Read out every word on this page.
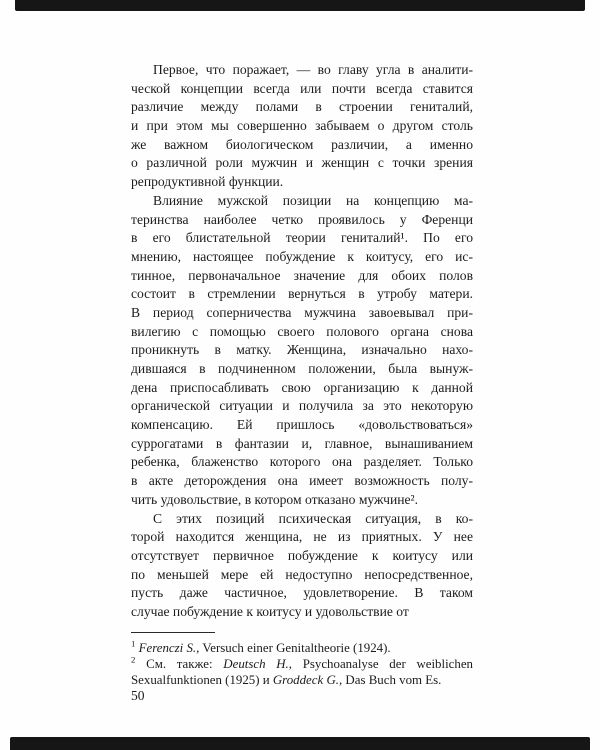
Первое, что поражает, — во главу угла в аналити-
ческой концепции всегда или почти всегда ставится
различие между полами в строении гениталий,
и при этом мы совершенно забываем о другом столь
же важном биологическом различии, а именно
о различной роли мужчин и женщин с точки зрения
репродуктивной функции.
Влияние мужской позиции на концепцию ма-
теринства наиболее четко проявилось у Ференци
в его блистательной теории гениталий¹. По его
мнению, настоящее побуждение к коитусу, его ис-
тинное, первоначальное значение для обоих полов
состоит в стремлении вернуться в утробу матери.
В период соперничества мужчина завоевывал при-
вилегию с помощью своего полового органа снова
проникнуть в матку. Женщина, изначально нахо-
дившаяся в подчиненном положении, была вынуж-
дена приспосабливать свою организацию к данной
органической ситуации и получила за это некоторую
компенсацию. Ей пришлось «довольствоваться»
суррогатами в фантазии и, главное, вынашиванием
ребенка, блаженство которого она разделяет. Только
в акте деторождения она имеет возможность полу-
чить удовольствие, в котором отказано мужчине².
С этих позиций психическая ситуация, в ко-
торой находится женщина, не из приятных. У нее
отсутствует первичное побуждение к коитусу или
по меньшей мере ей недоступно непосредственное,
пусть даже частичное, удовлетворение. В таком
случае побуждение к коитусу и удовольствие от
$^1$ Ferenczi S., Versuch einer Genitaltheorie (1924).
$^2$ См. также: Deutsch H., Psychoanalyse der weiblichen Sexualfunktionen (1925) и Groddeck G., Das Buch vom Es.
50
